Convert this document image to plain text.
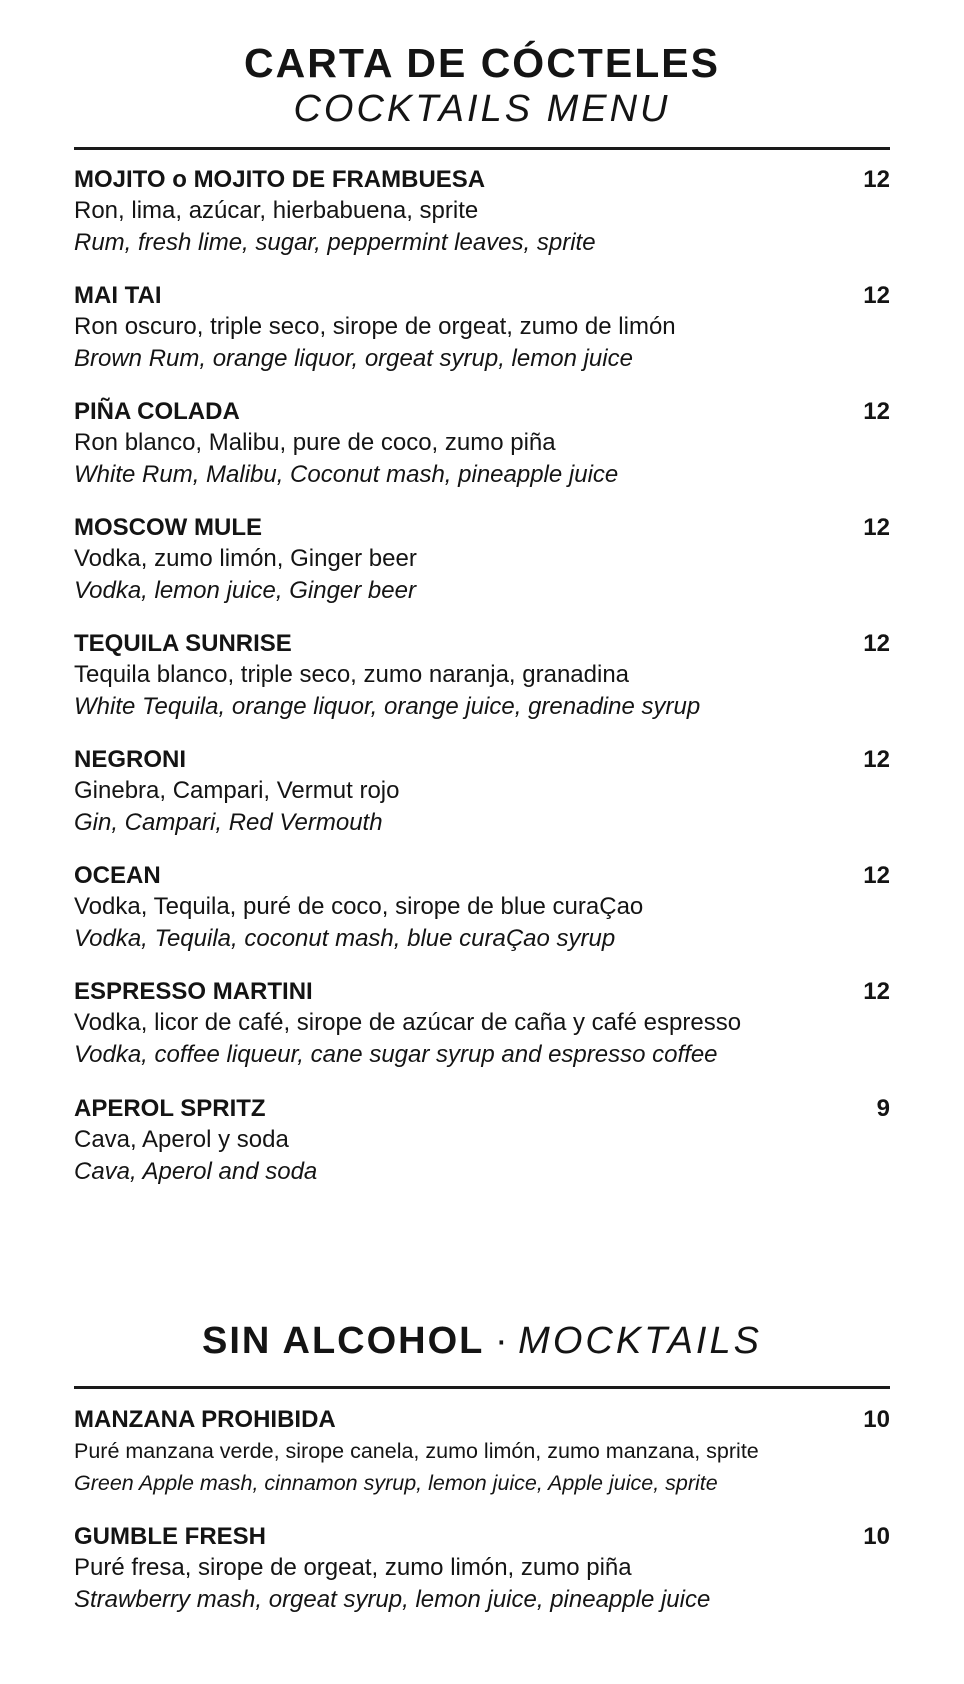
CARTA DE CÓCTELES
COCKTAILS MENU
MOJITO o MOJITO DE FRAMBUESA	12
Ron, lima, azúcar, hierbabuena, sprite
Rum, fresh lime, sugar, peppermint leaves, sprite
MAI TAI	12
Ron oscuro, triple seco, sirope de orgeat, zumo de limón
Brown Rum, orange liquor, orgeat syrup, lemon juice
PIÑA COLADA	12
Ron blanco, Malibu, pure de coco, zumo piña
White Rum, Malibu, Coconut mash, pineapple juice
MOSCOW MULE	12
Vodka, zumo limón, Ginger beer
Vodka, lemon juice, Ginger beer
TEQUILA SUNRISE	12
Tequila blanco, triple seco, zumo naranja, granadina
White Tequila, orange liquor, orange juice, grenadine syrup
NEGRONI	12
Ginebra, Campari, Vermut rojo
Gin, Campari, Red Vermouth
OCEAN	12
Vodka, Tequila, puré de coco, sirope de blue curaÇao
Vodka, Tequila, coconut mash, blue curaÇao syrup
ESPRESSO MARTINI	12
Vodka, licor de café, sirope de azúcar de caña y café espresso
Vodka, coffee liqueur, cane sugar syrup and espresso coffee
APEROL SPRITZ	9
Cava, Aperol y soda
Cava, Aperol and soda
SIN ALCOHOL · MOCKTAILS
MANZANA PROHIBIDA	10
Puré manzana verde, sirope canela, zumo limón, zumo manzana, sprite
Green Apple mash, cinnamon syrup, lemon juice, Apple juice, sprite
GUMBLE FRESH	10
Puré fresa, sirope de orgeat, zumo limón, zumo piña
Strawberry mash, orgeat syrup, lemon juice, pineapple juice
